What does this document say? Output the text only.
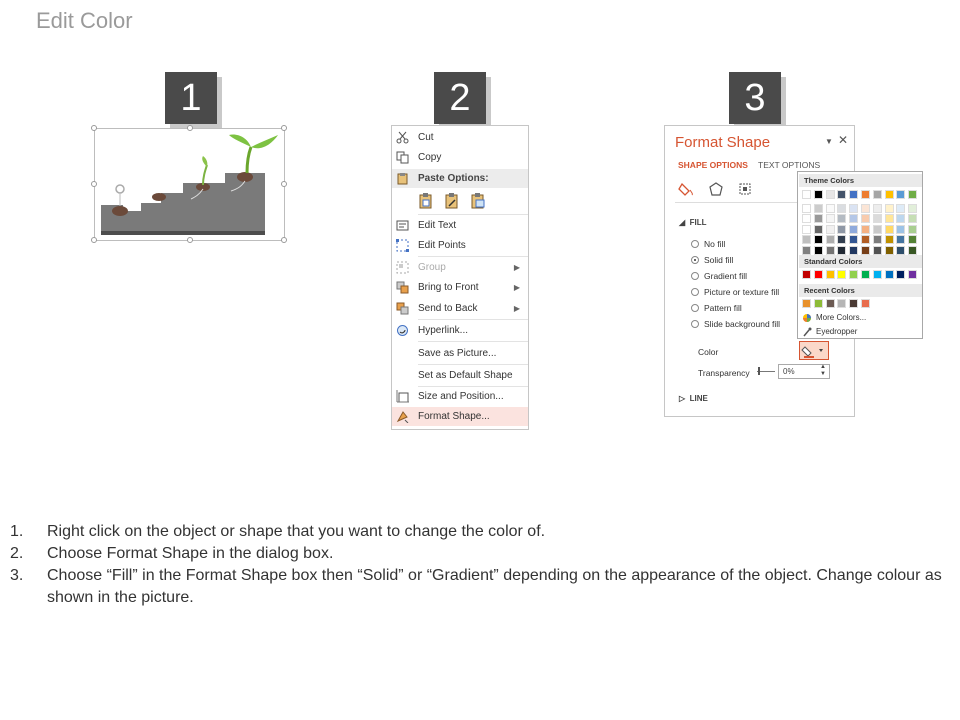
Edit Color
1	2	3
Cut
Copy
Paste Options:
Edit Text
Edit Points
Group	▶
Bring to Front	▶
Send to Back	▶
Hyperlink...
Save as Picture...
Set as Default Shape
Size and Position...
Format Shape...
Format Shape	▼ ✕
SHAPE OPTIONS TEXT OPTIONS
◢  FILL
No fill
Solid fill
Gradient fill
Picture or texture fill
Pattern fill
Slide background fill
Color
Transparency	0%	▲
▼
▷  LINE
Theme Colors
Standard Colors
Recent Colors
More Colors...
Eyedropper
1. Right click on the object or shape that you want to change the color of.
2. Choose Format Shape in the dialog box.
3. Choose “Fill” in the Format Shape box then “Solid” or “Gradient” depending on the appearance of the object. Change colour as shown in the picture.
